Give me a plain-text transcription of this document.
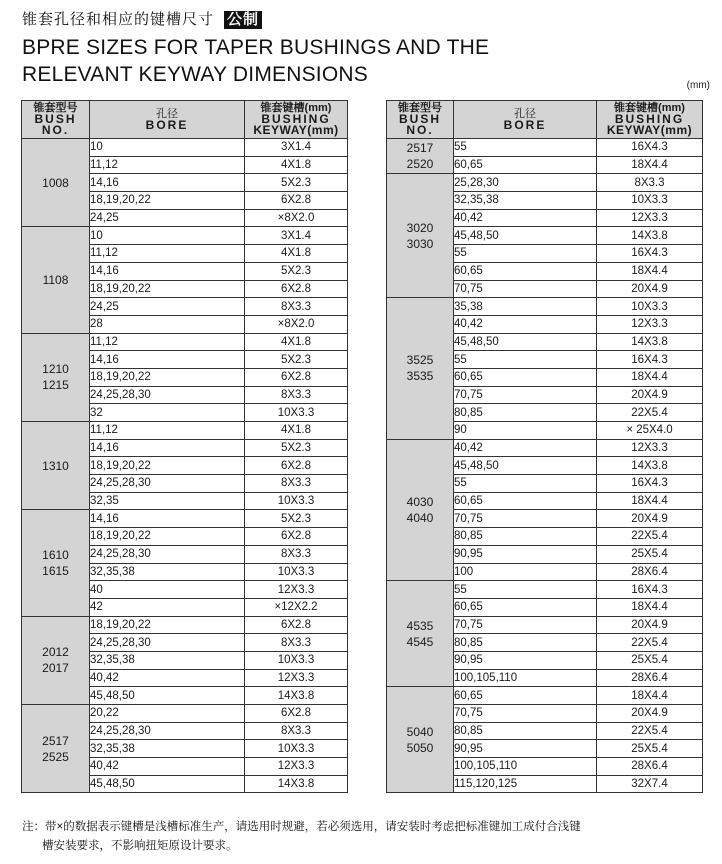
锥套孔径和相应的键槽尺寸 公制
BPRE SIZES FOR TAPER BUSHINGS AND THE
RELEVANT KEYWAY DIMENSIONS	(mm)
锥套型号
BUSH
NO.	孔径
BORE	锥套键槽(mm)
BUSHING
KEYWAY(mm)

1008	10	3X1.4
	11,12	4X1.8
	14,16	5X2.3
	18,19,20,22	6X2.8
	24,25	×8X2.0

1108	10	3X1.4
	11,12	4X1.8
	14,16	5X2.3
	18,19,20,22	6X2.8
	24,25	8X3.3
	28	×8X2.0

1210
1215	11,12	4X1.8
	14,16	5X2.3
	18,19,20,22	6X2.8
	24,25,28,30	8X3.3
	32	10X3.3

1310	11,12	4X1.8
	14,16	5X2.3
	18,19,20,22	6X2.8
	24,25,28,30	8X3.3
	32,35	10X3.3

1610
1615	14,16	5X2.3
	18,19,20,22	6X2.8
	24,25,28,30	8X3.3
	32,35,38	10X3.3
	40	12X3.3
	42	×12X2.2

2012
2017	18,19,20,22	6X2.8
	24,25,28,30	8X3.3
	32,35,38	10X3.3
	40,42	12X3.3
	45,48,50	14X3.8

2517
2525	20,22	6X2.8
	24,25,28,30	8X3.3
	32,35,38	10X3.3
	40,42	12X3.3
	45,48,50	14X3.8
锥套型号
BUSH
NO.	孔径
BORE	锥套键槽(mm)
BUSHING
KEYWAY(mm)

2517
2520	55	16X4.3
	60,65	18X4.4

3020
3030	25,28,30	8X3.3
	32,35,38	10X3.3
	40,42	12X3.3
	45,48,50	14X3.8
	55	16X4.3
	60,65	18X4.4
	70,75	20X4.9

3525
3535	35,38	10X3.3
	40,42	12X3.3
	45,48,50	14X3.8
	55	16X4.3
	60,65	18X4.4
	70,75	20X4.9
	80,85	22X5.4
	90	× 25X4.0

4030
4040	40,42	12X3.3
	45,48,50	14X3.8
	55	16X4.3
	60,65	18X4.4
	70,75	20X4.9
	80,85	22X5.4
	90,95	25X5.4
	100	28X6.4

4535
4545	55	16X4.3
	60,65	18X4.4
	70,75	20X4.9
	80,85	22X5.4
	90,95	25X5.4
	100,105,110	28X6.4

5040
5050	60,65	18X4.4
	70,75	20X4.9
	80,85	22X5.4
	90,95	25X5.4
	100,105,110	28X6.4
	115,120,125	32X7.4
注：带×的数据表示键槽是浅槽标准生产，请选用时规避，若必须选用，请安装时考虑把标准键加工成付合浅键
槽安装要求，不影响扭矩原设计要求。
